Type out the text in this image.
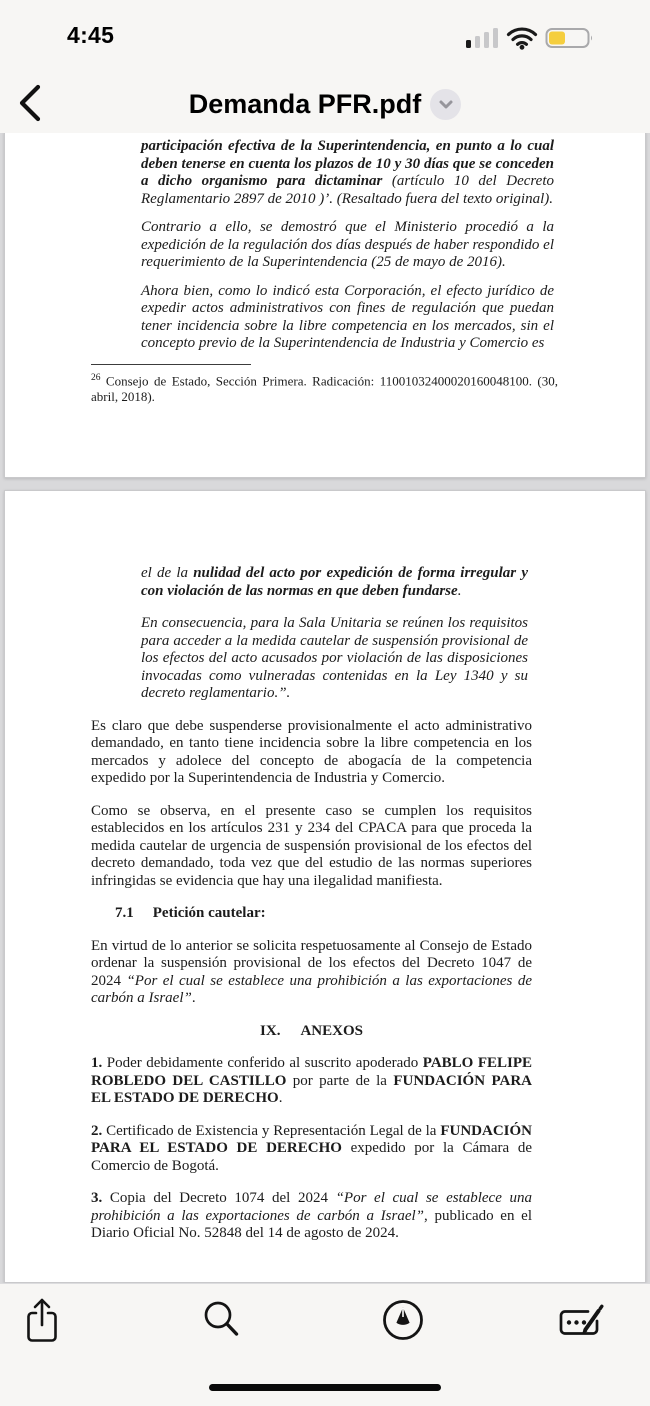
4:45
Demanda PFR.pdf
participación efectiva de la Superintendencia, en punto a lo cual deben tenerse en cuenta los plazos de 10 y 30 días que se conceden a dicho organismo para dictaminar (artículo 10 del Decreto Reglamentario 2897 de 2010 )’. (Resaltado fuera del texto original).

Contrario a ello, se demostró que el Ministerio procedió a la expedición de la regulación dos días después de haber respondido el requerimiento de la Superintendencia (25 de mayo de 2016).

Ahora bien, como lo indicó esta Corporación, el efecto jurídico de expedir actos administrativos con fines de regulación que puedan tener incidencia sobre la libre competencia en los mercados, sin el concepto previo de la Superintendencia de Industria y Comercio es

$^{26}$ Consejo de Estado, Sección Primera. Radicación: 11001032400020160048100. (30, abril, 2018).

el de la nulidad del acto por expedición de forma irregular y con violación de las normas en que deben fundarse.

En consecuencia, para la Sala Unitaria se reúnen los requisitos para acceder a la medida cautelar de suspensión provisional de los efectos del acto acusados por violación de las disposiciones invocadas como vulneradas contenidas en la Ley 1340 y su decreto reglamentario.”.

Es claro que debe suspenderse provisionalmente el acto administrativo demandado, en tanto tiene incidencia sobre la libre competencia en los mercados y adolece del concepto de abogacía de la competencia expedido por la Superintendencia de Industria y Comercio.

Como se observa, en el presente caso se cumplen los requisitos establecidos en los artículos 231 y 234 del CPACA para que proceda la medida cautelar de urgencia de suspensión provisional de los efectos del decreto demandado, toda vez que del estudio de las normas superiores infringidas se evidencia que hay una ilegalidad manifiesta.

7.1 Petición cautelar:

En virtud de lo anterior se solicita respetuosamente al Consejo de Estado ordenar la suspensión provisional de los efectos del Decreto 1047 de 2024 “Por el cual se establece una prohibición a las exportaciones de carbón a Israel”.

IX. ANEXOS

1. Poder debidamente conferido al suscrito apoderado PABLO FELIPE ROBLEDO DEL CASTILLO por parte de la FUNDACIÓN PARA EL ESTADO DE DERECHO.

2. Certificado de Existencia y Representación Legal de la FUNDACIÓN PARA EL ESTADO DE DERECHO expedido por la Cámara de Comercio de Bogotá.

3. Copia del Decreto 1074 del 2024 “Por el cual se establece una prohibición a las exportaciones de carbón a Israel”, publicado en el Diario Oficial No. 52848 del 14 de agosto de 2024.
